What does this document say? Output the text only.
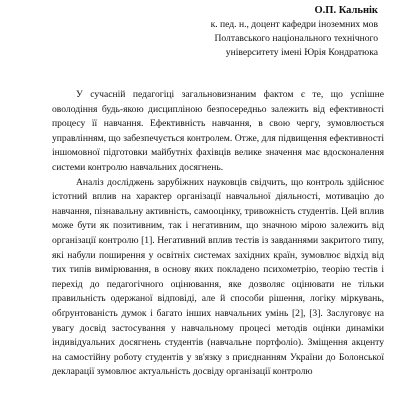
О.П. Кальнік

к. пед. н., доцент кафедри іноземних мов

Полтавського національного технічного

університету імені Юрія Кондратюка

У сучасній педагогіці загальновизнаним фактом є те, що успішне оволодіння будь-якою дисципліною безпосередньо залежить від ефективності процесу її навчання. Ефективність навчання, в свою чергу, зумовлюється управлінням, що забезпечується контролем. Отже, для підвищення ефективності іншомовної підготовки майбутніх фахівців велике значення має вдосконалення системи контролю навчальних досягнень.

Аналіз досліджень зарубіжних науковців свідчить, що контроль здійснює істотний вплив на характер організації навчальної діяльності, мотивацію до навчання, пізнавальну активність, самооцінку, тривожність студентів. Цей вплив може бути як позитивним, так і негативним, що значною мірою залежить від організації контролю [1]. Негативний вплив тестів із завданнями закритого типу, які набули поширення у освітніх системах західних країн, зумовлює відхід від тих типів вимірювання, в основу яких покладено психометрію, теорію тестів і перехід до педагогічного оцінювання, яке дозволяє оцінювати не тільки правильність одержаної відповіді, але й способи рішення, логіку міркувань, обґрунтованість думок і багато інших навчальних умінь [2], [3]. Заслуговує на увагу досвід застосування у навчальному процесі методів оцінки динаміки індивідуальних досягнень студентів (навчальне портфоліо). Зміщення акценту на самостійну роботу студентів у зв'язку з приєднанням України до Болонської декларації зумовлює актуальність досвіду організації контролю
